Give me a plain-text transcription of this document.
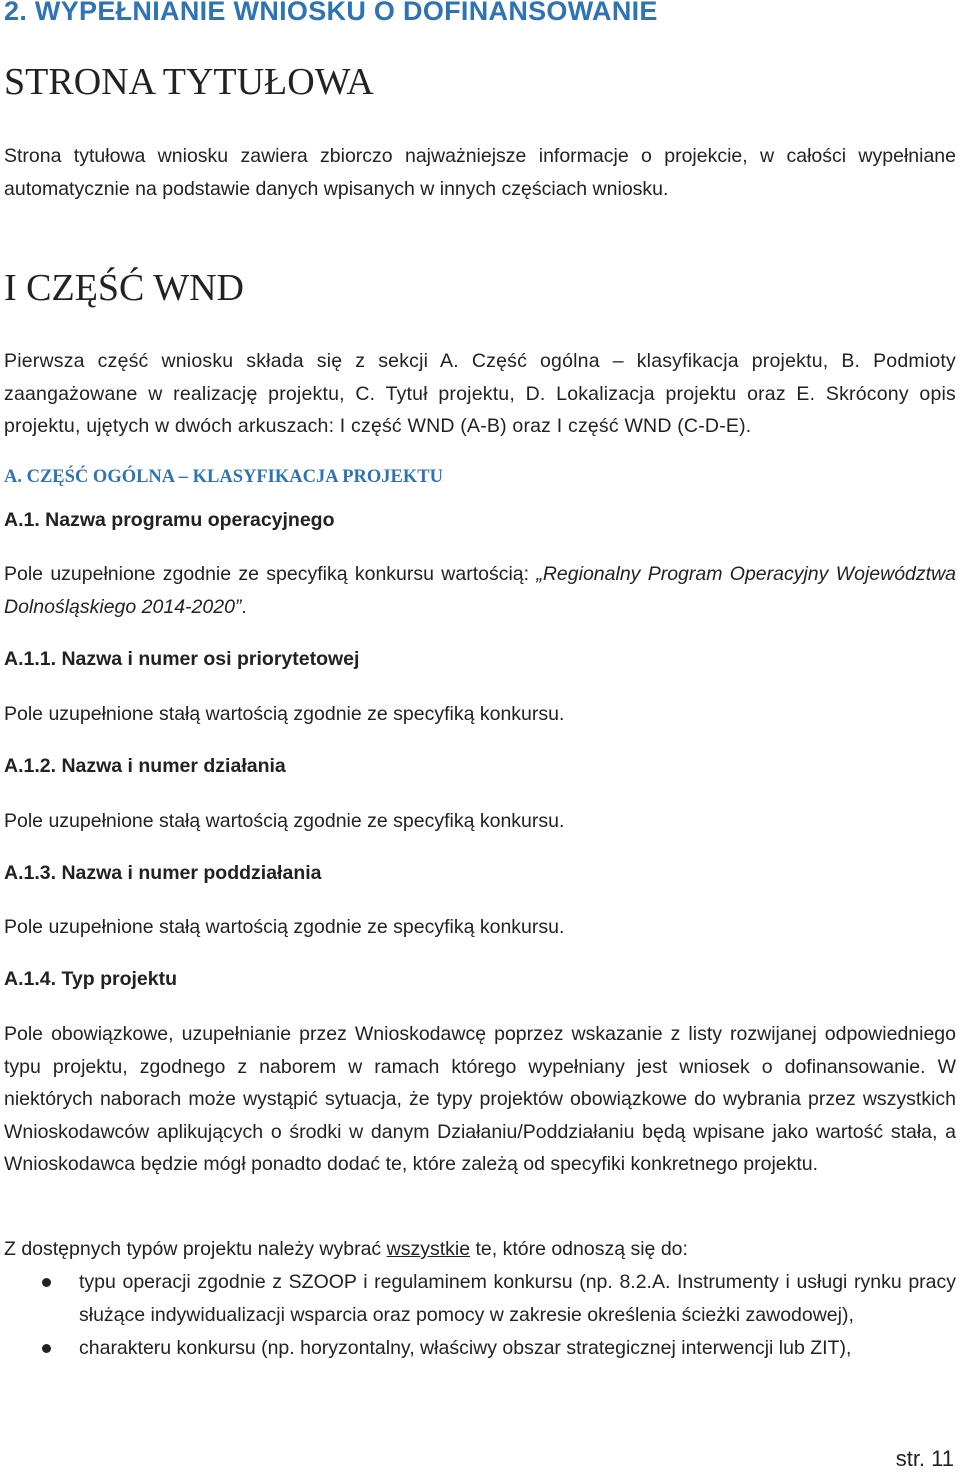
2. WYPEŁNIANIE WNIOSKU O DOFINANSOWANIE
STRONA TYTUŁOWA

Strona tytułowa wniosku zawiera zbiorczo najważniejsze informacje o projekcie, w całości wypełniane automatycznie na podstawie danych wpisanych w innych częściach wniosku.

I CZĘŚĆ WND

Pierwsza część wniosku składa się z sekcji A. Część ogólna – klasyfikacja projektu, B. Podmioty zaangażowane w realizację projektu, C. Tytuł projektu, D. Lokalizacja projektu oraz E. Skrócony opis projektu, ujętych w dwóch arkuszach: I część WND (A-B) oraz I część WND (C-D-E).

A. CZĘŚĆ OGÓLNA – KLASYFIKACJA PROJEKTU
A.1. Nazwa programu operacyjnego

Pole uzupełnione zgodnie ze specyfiką konkursu wartością: „Regionalny Program Operacyjny Województwa Dolnośląskiego 2014-2020”.

A.1.1. Nazwa i numer osi priorytetowej

Pole uzupełnione stałą wartością zgodnie ze specyfiką konkursu.

A.1.2. Nazwa i numer działania

Pole uzupełnione stałą wartością zgodnie ze specyfiką konkursu.

A.1.3. Nazwa i numer poddziałania

Pole uzupełnione stałą wartością zgodnie ze specyfiką konkursu.

A.1.4. Typ projektu

Pole obowiązkowe, uzupełnianie przez Wnioskodawcę poprzez wskazanie z listy rozwijanej odpowiedniego typu projektu, zgodnego z naborem w ramach którego wypełniany jest wniosek o dofinansowanie. W niektórych naborach może wystąpić sytuacja, że typy projektów obowiązkowe do wybrania przez wszystkich Wnioskodawców aplikujących o środki w danym Działaniu/Poddziałaniu będą wpisane jako wartość stała, a Wnioskodawca będzie mógł ponadto dodać te, które zależą od specyfiki konkretnego projektu.

Z dostępnych typów projektu należy wybrać wszystkie te, które odnoszą się do:

typu operacji zgodnie z SZOOP i regulaminem konkursu (np. 8.2.A. Instrumenty i usługi rynku pracy służące indywidualizacji wsparcia oraz pomocy w zakresie określenia ścieżki zawodowej),
charakteru konkursu (np. horyzontalny, właściwy obszar strategicznej interwencji lub ZIT),
str. 11
